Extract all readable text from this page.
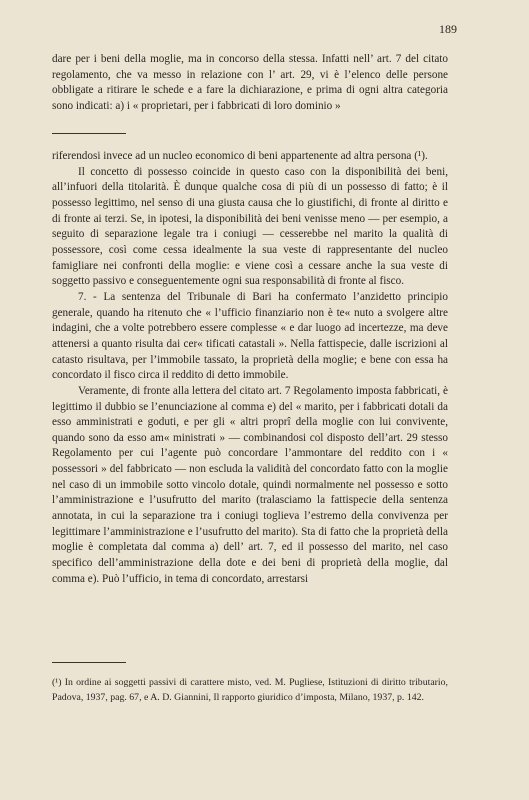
189

dare per i beni della moglie, ma in concorso della stessa. Infatti nell’ art. 7 del citato regolamento, che va messo in relazione con l’ art. 29, vi è l’elenco delle persone obbligate a ritirare le schede e a fare la dichiarazione, e prima di ogni altra categoria sono indicati: a) i « proprietari, per i fabbricati di loro dominio »

riferendosi invece ad un nucleo economico di beni appartenente ad altra persona (¹).

Il concetto di possesso coincide in questo caso con la disponibilità dei beni, all’infuori della titolarità. È dunque qualche cosa di più di un possesso di fatto; è il possesso legittimo, nel senso di una giusta causa che lo giustifichi, di fronte al diritto e di fronte ai terzi. Se, in ipotesi, la disponibilità dei beni venisse meno — per esempio, a seguito di separazione legale tra i coniugi — cesserebbe nel marito la qualità di possessore, così come cessa idealmente la sua veste di rappresentante del nucleo famigliare nei confronti della moglie: e viene così a cessare anche la sua veste di soggetto passivo e conseguentemente ogni sua responsabilità di fronte al fisco.

7. - La sentenza del Tribunale di Bari ha confermato l’anzidetto principio generale, quando ha ritenuto che « l’ufficio finanziario non è te« nuto a svolgere altre indagini, che a volte potrebbero essere complesse « e dar luogo ad incertezze, ma deve attenersi a quanto risulta dai cer« tificati catastali ». Nella fattispecie, dalle iscrizioni al catasto risultava, per l’immobile tassato, la proprietà della moglie; e bene con essa ha concordato il fisco circa il reddito di detto immobile.

Veramente, di fronte alla lettera del citato art. 7 Regolamento imposta fabbricati, è legittimo il dubbio se l’enunciazione al comma e) del « marito, per i fabbricati dotali da esso amministrati e goduti, e per gli « altri proprî della moglie con lui convivente, quando sono da esso am« ministrati » — combinandosi col disposto dell’art. 29 stesso Regolamento per cui l’agente può concordare l’ammontare del reddito con i « possessori » del fabbricato — non escluda la validità del concordato fatto con la moglie nel caso di un immobile sotto vincolo dotale, quindi normalmente nel possesso e sotto l’amministrazione e l’usufrutto del marito (tralasciamo la fattispecie della sentenza annotata, in cui la separazione tra i coniugi toglieva l’estremo della convivenza per legittimare l’amministrazione e l’usufrutto del marito). Sta di fatto che la proprietà della moglie è completata dal comma a) dell’ art. 7, ed il possesso del marito, nel caso specifico dell’amministrazione della dote e dei beni di proprietà della moglie, dal comma e). Può l’ufficio, in tema di concordato, arrestarsi

(¹) In ordine ai soggetti passivi di carattere misto, ved. M. Pugliese, Istituzioni di diritto tributario, Padova, 1937, pag. 67, e A. D. Giannini, Il rapporto giuridico d’imposta, Milano, 1937, p. 142.
